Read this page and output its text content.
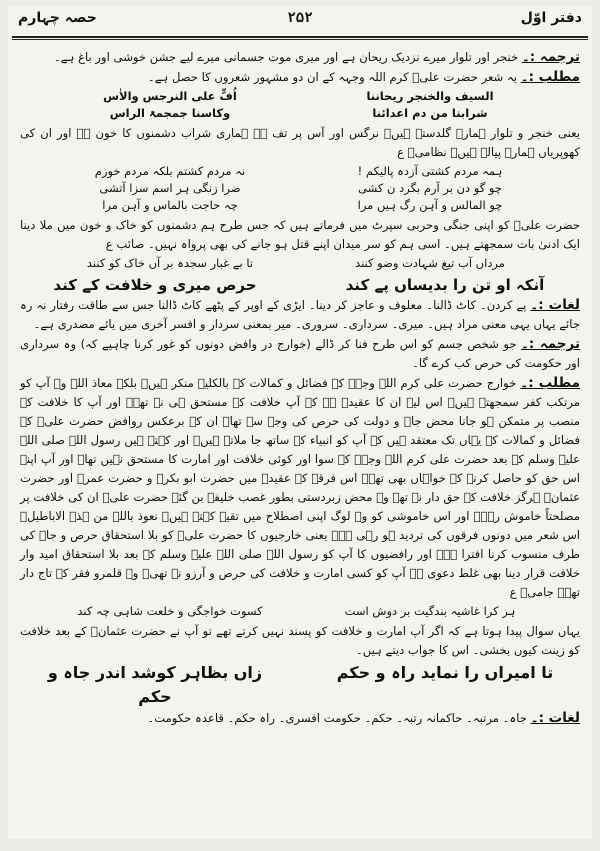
دفتر اوّل
۲۵۲
حصہ چہارم

ترجمہ :۔ خنجر اور تلوار میرے نزدیک ریحان ہے اور میری موت جسمانی میرے لیے جشن خوشی اور باغ ہے۔

مطلب :۔ یہ شعر حضرت علیؓ کرم اللہ وجہہ کے ان دو مشہور شعروں کا حصل ہے۔

السیف والخنجر ریحاننا
اُفٍّ علی النرجس والاٰس
شرابنا من دم اعدائنا
وکاسنا جمجمۃ الراس

یعنی خنجر و تلوار ہمارے گلدستے ہیں۔ نرگس اور آس پر تف ہے ہماری شراب دشمنوں کا خون ہے اور ان کی کھوپریاں ہمارے پیالے ہیں۔ نظامیؒ ع

ہمہ مردم کشتی آزدہ پالیکم !
نہ مردم کشتم بلکہ مردم خورم
چو گو دن بر آرم بگرد ن کشی
ضرا زنگی ہر اسم سزا آتشی
چو المالس و آہن رگ ہیں مرا
چہ حاجت بالماس و آہن مرا

حضرت علیؓ کو اپنی جنگی وحربی سپرٹ میں فرماتے ہیں کہ جس طرح ہم دشمنوں کو خاک و خون میں ملا دینا ایک ادنیٰ بات سمجھتے ہیں۔ اسی ہم کو سر میدان اپنے قتل ہو جانے کی بھی پرواہ نہیں۔ صائب ع

مرداں آب تیغ شہادت وضو کنند
تا بے غبار سجدہ بر آں خاک کو کنند
آنکہ او تن را بدیساں پے کند
حرص میری و خلافت کے کند

لغات :۔ پے کردن۔ کاٹ ڈالنا۔ معلوف و عاجز کر دینا۔ ایڑی کے اوپر کے پٹھے کاٹ ڈالنا جس سے طاقت رفتار نہ رہ جائے یہاں یہی معنی مراد ہیں۔ میری۔ سرداری۔ سروری۔ میر بمعنی سردار و افسر آخری میں یائے مصدری ہے۔

ترجمہ :۔ جو شخص جسم کو اس طرح فنا کر ڈالے (خوارج در وافض دونوں کو غور کرنا چاہیے کہ) وہ سرداری اور حکومت کی حرص کب کرے گا۔

مطلب :۔ خوارج حضرت علی کرم اللہ وجہہ کے فضائل و کمالات کے بالکلیہ منکر ہیں۔ بلکہ معاذ اللہ وہ آپ کو مرتکب کفر سمجھتے ہیں۔ اس لیے ان کا عقیدہ ہے کہ آپ خلافت کے مستحق ہی نہ تھے۔ اور آپ کا خلافت کے منصب پر متمکن ہو جانا محض جاہ و دولت کی حرص کی وجہ سے تھا۔ ان کے برعکس روافض حضرت علیؓ کے فضائل و کمالات کے یہاں تک معتقد ہیں کہ آپ کو انبیاء کے ساتھ جا ملاتے ہیں۔ اور کہتے ہیں رسول اللہ صلی اللہ علیہ وسلم کے بعد حضرت علی کرم اللہ وجہہ کے سوا اور کوئی خلافت اور امارت کا مستحق نہیں تھا۔ اور آپ اپنے اس حق کو حاصل کرنے کے خواہاں بھی تھے۔ اس فرقہ کے عقیدے میں حضرت ابو بکرؓ و حضرت عمرؓ اور حضرت عثمانؓ ہرگز خلافت کے حق دار نہ تھے وہ محض زبردستی بطور غصب خلیفہ بن گئے حضرت علیؓ ان کی خلافت پر مصلحتاً خاموش رہے۔ اور اس خاموشی کو وہ لوگ اپنی اصطلاح میں تقیہ کہتے ہیں۔ نعوذ باللہ من ہذہ الاباطیل۔ اس شعر میں دونوں فرقوں کی تردید ہو رہی ہے۔ یعنی خارجیوں کا حضرت علیؓ کو بلا استحقاق حرص و جاہ کی طرف منسوب کرنا افترا ہے۔ اور رافضیوں کا آپ کو رسول اللہ صلی اللہ علیہ وسلم کے بعد بلا استحقاق امید وار خلافت قرار دینا بھی غلط دعوی ہے آپ کو کسی امارت و خلافت کی حرص و آرزو نہ تھی۔ وہ قلمرو فقر کے تاج دار تھے۔ جامیؒ ع

ہر کرا غاشیہ بندگیت بر دوش است
کسوت خواجگی و خلعت شاہی چہ کند

یہاں سوال پیدا ہوتا ہے کہ اگر آپ امارت و خلافت کو پسند نہیں کرتے تھے تو آپ نے حضرت عثمانؓ کے بعد خلافت کو زینت کیوں بخشی۔ اس کا جواب دیتے ہیں۔

تا امیراں را نماید راہ و حکم
زاں بظاہر کوشد اندر جاہ و حکم

لغات :۔ جاہ۔ مرتبہ۔ حاکمانہ رتبہ۔ حکم۔ حکومت افسری۔ راہ حکم۔ قاعدہ حکومت۔
